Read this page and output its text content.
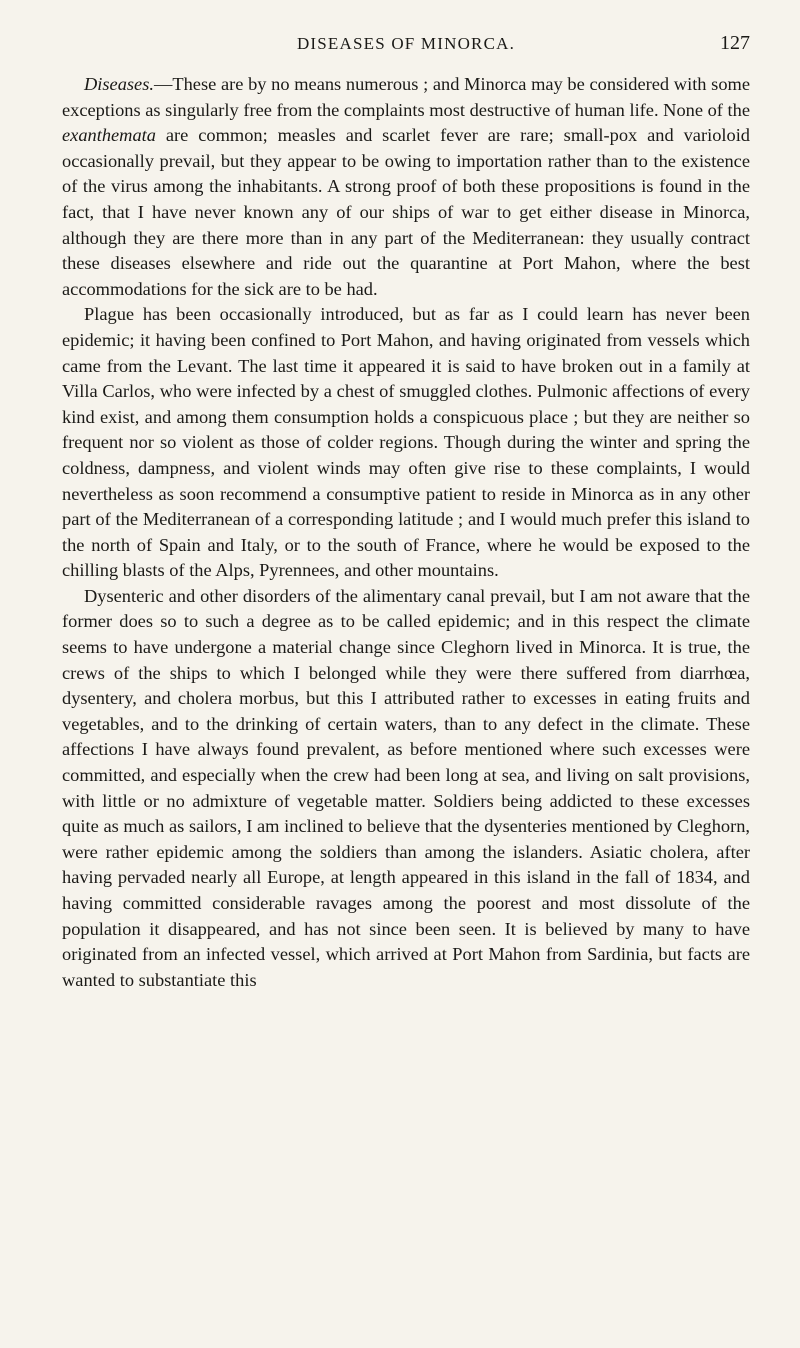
DISEASES OF MINORCA.	127

Diseases.—These are by no means numerous ; and Minorca may be considered with some exceptions as singularly free from the complaints most destructive of human life. None of the exanthemata are common; measles and scarlet fever are rare; small-pox and varioloid occasionally prevail, but they appear to be owing to importation rather than to the existence of the virus among the inhabitants. A strong proof of both these propositions is found in the fact, that I have never known any of our ships of war to get either disease in Minorca, although they are there more than in any part of the Mediterranean: they usually contract these diseases elsewhere and ride out the quarantine at Port Mahon, where the best accommodations for the sick are to be had.

Plague has been occasionally introduced, but as far as I could learn has never been epidemic; it having been confined to Port Mahon, and having originated from vessels which came from the Levant. The last time it appeared it is said to have broken out in a family at Villa Carlos, who were infected by a chest of smuggled clothes. Pulmonic affections of every kind exist, and among them consumption holds a conspicuous place ; but they are neither so frequent nor so violent as those of colder regions. Though during the winter and spring the coldness, dampness, and violent winds may often give rise to these complaints, I would nevertheless as soon recommend a consumptive patient to reside in Minorca as in any other part of the Mediterranean of a corresponding latitude ; and I would much prefer this island to the north of Spain and Italy, or to the south of France, where he would be exposed to the chilling blasts of the Alps, Pyrennees, and other mountains.

Dysenteric and other disorders of the alimentary canal prevail, but I am not aware that the former does so to such a degree as to be called epidemic; and in this respect the climate seems to have undergone a material change since Cleghorn lived in Minorca. It is true, the crews of the ships to which I belonged while they were there suffered from diarrhœa, dysentery, and cholera morbus, but this I attributed rather to excesses in eating fruits and vegetables, and to the drinking of certain waters, than to any defect in the climate. These affections I have always found prevalent, as before mentioned where such excesses were committed, and especially when the crew had been long at sea, and living on salt provisions, with little or no admixture of vegetable matter. Soldiers being addicted to these excesses quite as much as sailors, I am inclined to believe that the dysenteries mentioned by Cleghorn, were rather epidemic among the soldiers than among the islanders. Asiatic cholera, after having pervaded nearly all Europe, at length appeared in this island in the fall of 1834, and having committed considerable ravages among the poorest and most dissolute of the population it disappeared, and has not since been seen. It is believed by many to have originated from an infected vessel, which arrived at Port Mahon from Sardinia, but facts are wanted to substantiate this
